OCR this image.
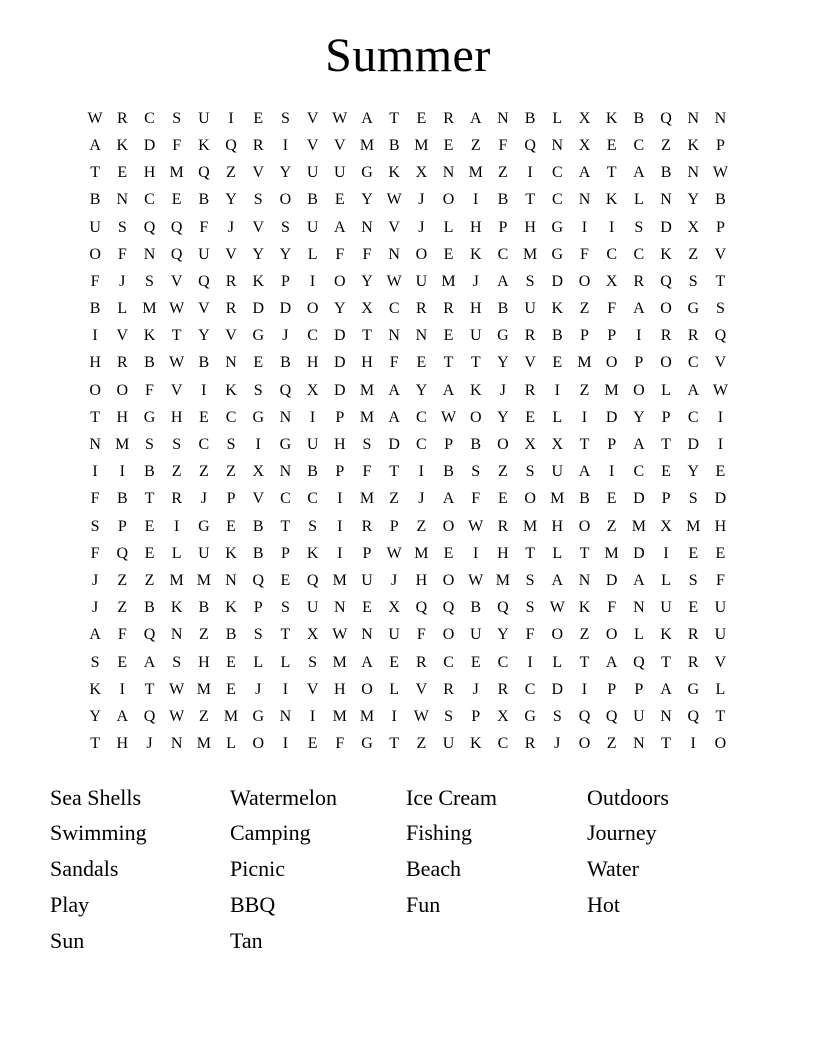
Summer
W R	C	S	U	I	E	S	V W A	T	E	R	A N	B	L	X K	B	Q N N
A K D	F	K Q	R	I	V V M B M E	Z	F	Q N X	E	C	Z	K	P
T	E	H M Q	Z	V Y U U G K X N M Z	I	C	A	T	A	B	N W
B	N	C	E	B	Y	S	O	B	E	Y W	J	O	I	B	T	C	N K	L	N Y	B
U	S	Q Q	F	J	V	S	U A N V	J	L	H	P	H G	I	I	S	D X	P
O	F	N Q U V Y Y	L	F	F	N O	E	K	C M G	F	C	C	K	Z	V
F	J	S	V Q	R	K	P	I	O Y W U M	J	A	S	D O X	R	Q	S	T
B	L M W V	R	D D O Y X	C	R	R	H	B	U K	Z	F	A O G	S
I	V K	T	Y V G	J	C	D	T	N N	E	U G	R	B	P	P	I	R	R	Q
H	R	B W B	N	E	B	H D H	F	E	T	T	Y V	E M O	P	O	C	V
O O	F	V	I	K	S	Q X D M A Y A K	J	R	I	Z M O	L	A W
T	H G H	E	C	G N	I	P M A	C W O Y	E	L	I	D Y	P	C	I
N M S	S	C	S	I	G U H	S	D	C	P	B	O X X	T	P	A	T	D	I
I	I	B	Z	Z	Z	X N	B	P	F	T	I	B	S	Z	S	U A	I	C	E	Y	E
F	B	T	R	J	P	V	C	C	I	M Z	J	A	F	E	O M B	E	D	P	S	D
S	P	E	I	G	E	B	T	S	I	R	P	Z	O W R M H O	Z M X M H
F	Q	E	L	U K	B	P	K	I	P W M E	I	H	T	L	T M D	I	E	E
J	Z	Z M M N Q	E	Q M U	J	H O W M S	A N D A	L	S	F
J	Z	B	K	B	K	P	S	U N	E	X Q Q	B	Q	S W K	F	N U	E	U
A	F	Q N	Z	B	S	T	X W N U	F	O U Y	F	O	Z	O	L	K	R	U
S	E	A	S	H	E	L	L	S M A	E	R	C	E	C	I	L	T	A Q	T	R	V
K	I	T W M E	J	I	V H O	L	V	R	J	R	C	D	I	P	P	A G	L
Y A Q W Z M G N	I	M M	I	W S	P	X G	S	Q Q U N Q	T
T	H	J	N M L	O	I	E	F	G	T	Z	U K	C	R	J	O	Z	N	T	I	O
Sea Shells
Swimming
Sandals
Play
Sun
Watermelon
Camping
Picnic
BBQ
Tan
Ice Cream
Fishing
Beach
Fun
Outdoors
Journey
Water
Hot
